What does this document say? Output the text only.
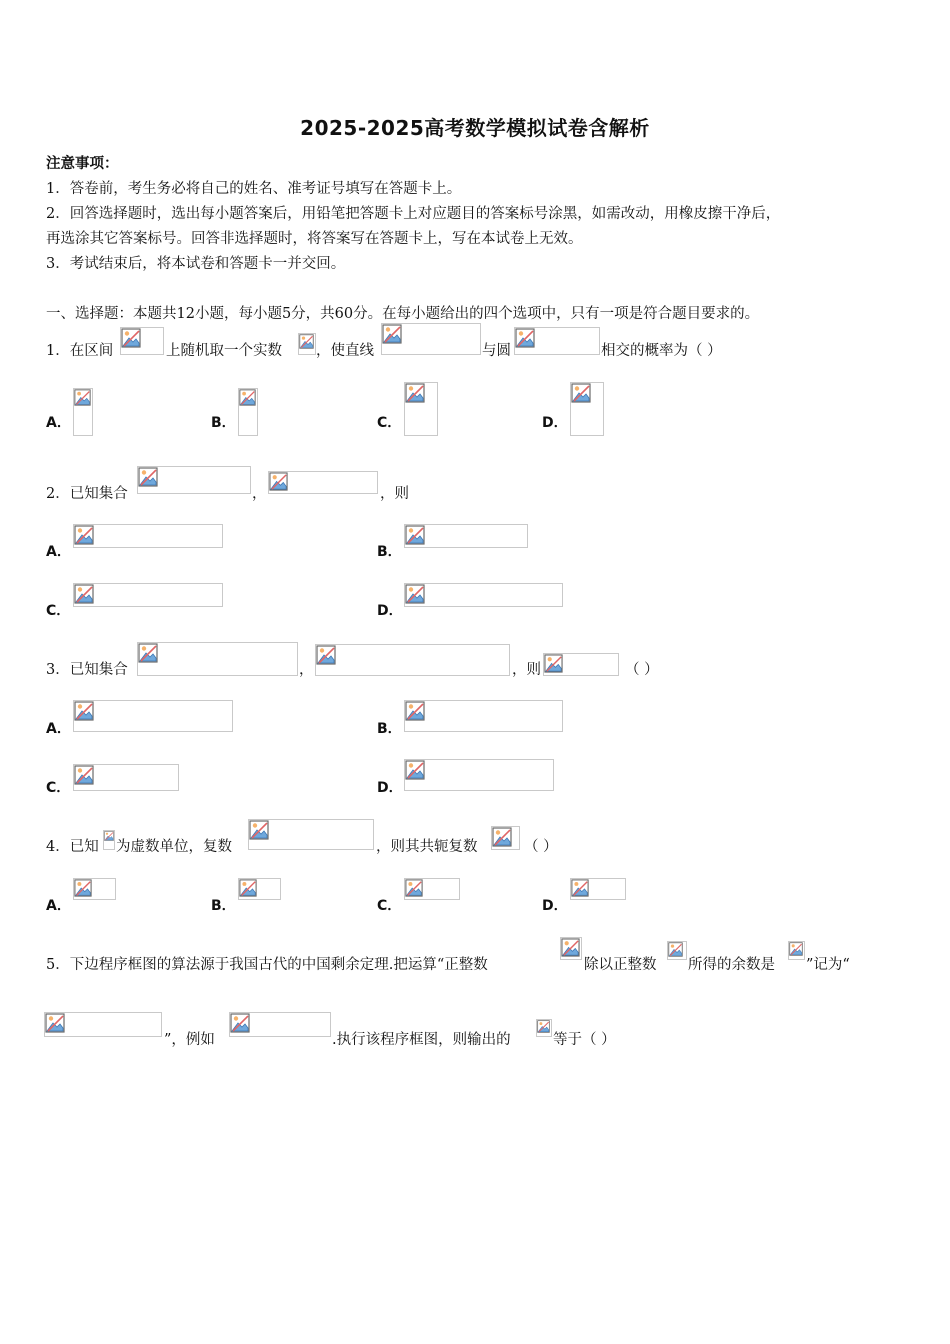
2025-2025高考数学模拟试卷含解析
注意事项：
1．答卷前，考生务必将自己的姓名、准考证号填写在答题卡上。
2．回答选择题时，选出每小题答案后，用铅笔把答题卡上对应题目的答案标号涂黑，如需改动，用橡皮擦干净后，
再选涂其它答案标号。回答非选择题时，将答案写在答题卡上，写在本试卷上无效。
3．考试结束后，将本试卷和答题卡一并交回。
一、选择题：本题共12小题，每小题5分，共60分。在每小题给出的四个选项中，只有一项是符合题目要求的。
1．在区间	上随机取一个实数 ，使直线	与圆	相交的概率为（ ）
A．	B．	C．	D．
2．已知集合	，	，则
A．	B．
C．	D．
3．已知集合	，	，则	（ ）
A．	B．
C．	D．
4．已知 为虚数单位，复数	，则其共轭复数	（ ）
A．	B．	C．	D．
5．下边程序框图的算法源于我国古代的中国剩余定理.把运算“正整数	除以正整数 所得的余数是 ”记为“
”，例如	.执行该程序框图，则输出的	等于（ ）
